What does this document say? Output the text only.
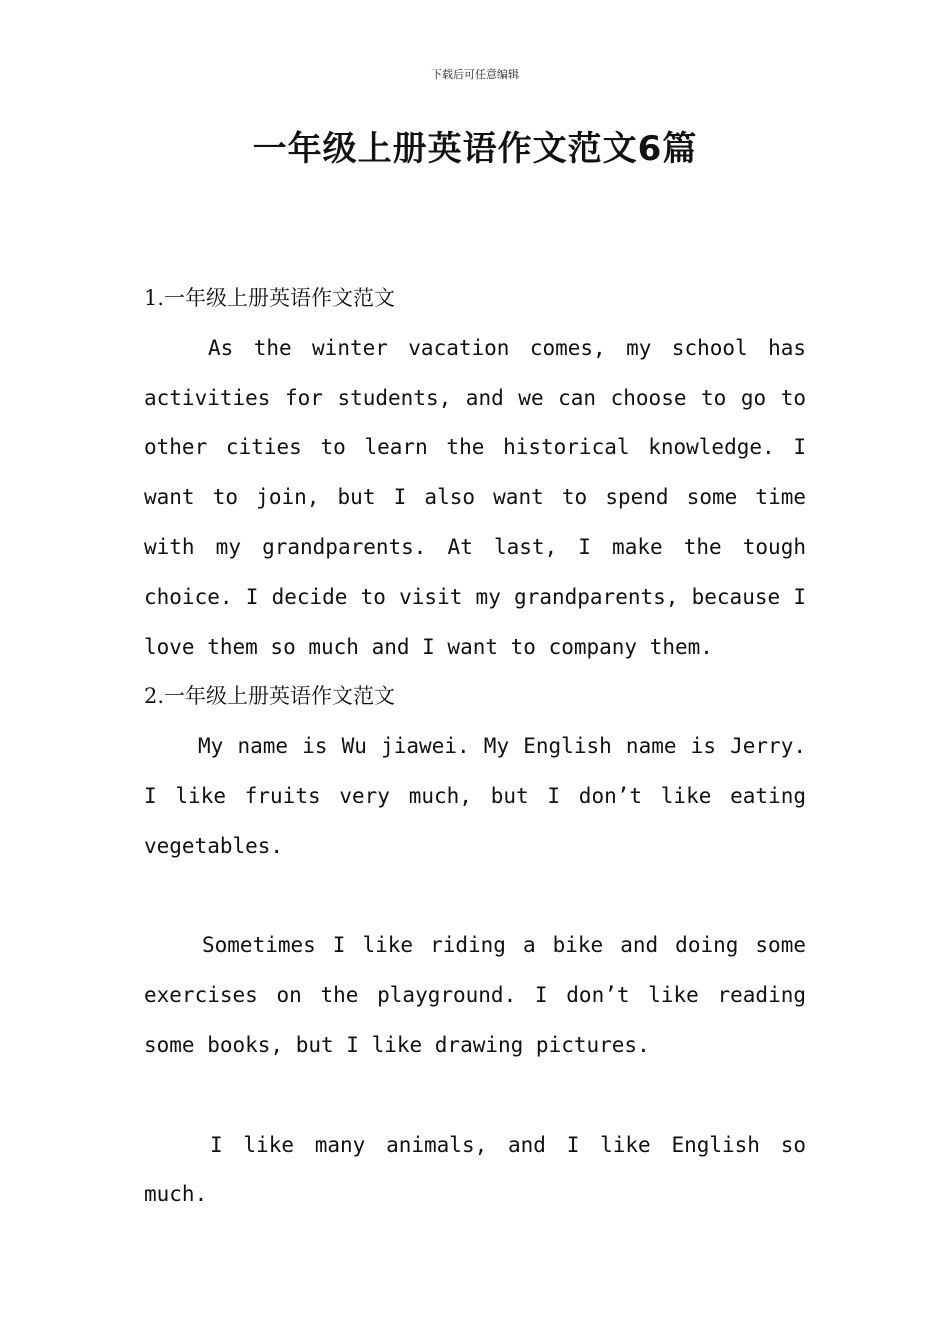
下载后可任意编辑
一年级上册英语作文范文6篇
1.一年级上册英语作文范文

As the winter vacation comes, my school has activities for students, and we can choose to go to other cities to learn the historical knowledge. I want to join, but I also want to spend some time with my grandparents. At last, I make the tough choice. I decide to visit my grandparents, because I love them so much and I want to company them.

2.一年级上册英语作文范文

My name is Wu jiawei. My English name is Jerry. I like fruits very much, but I don’t like eating vegetables.

Sometimes I like riding a bike and doing some exercises on the playground. I don’t like reading some books, but I like drawing pictures.

I like many animals, and I like English so much.
